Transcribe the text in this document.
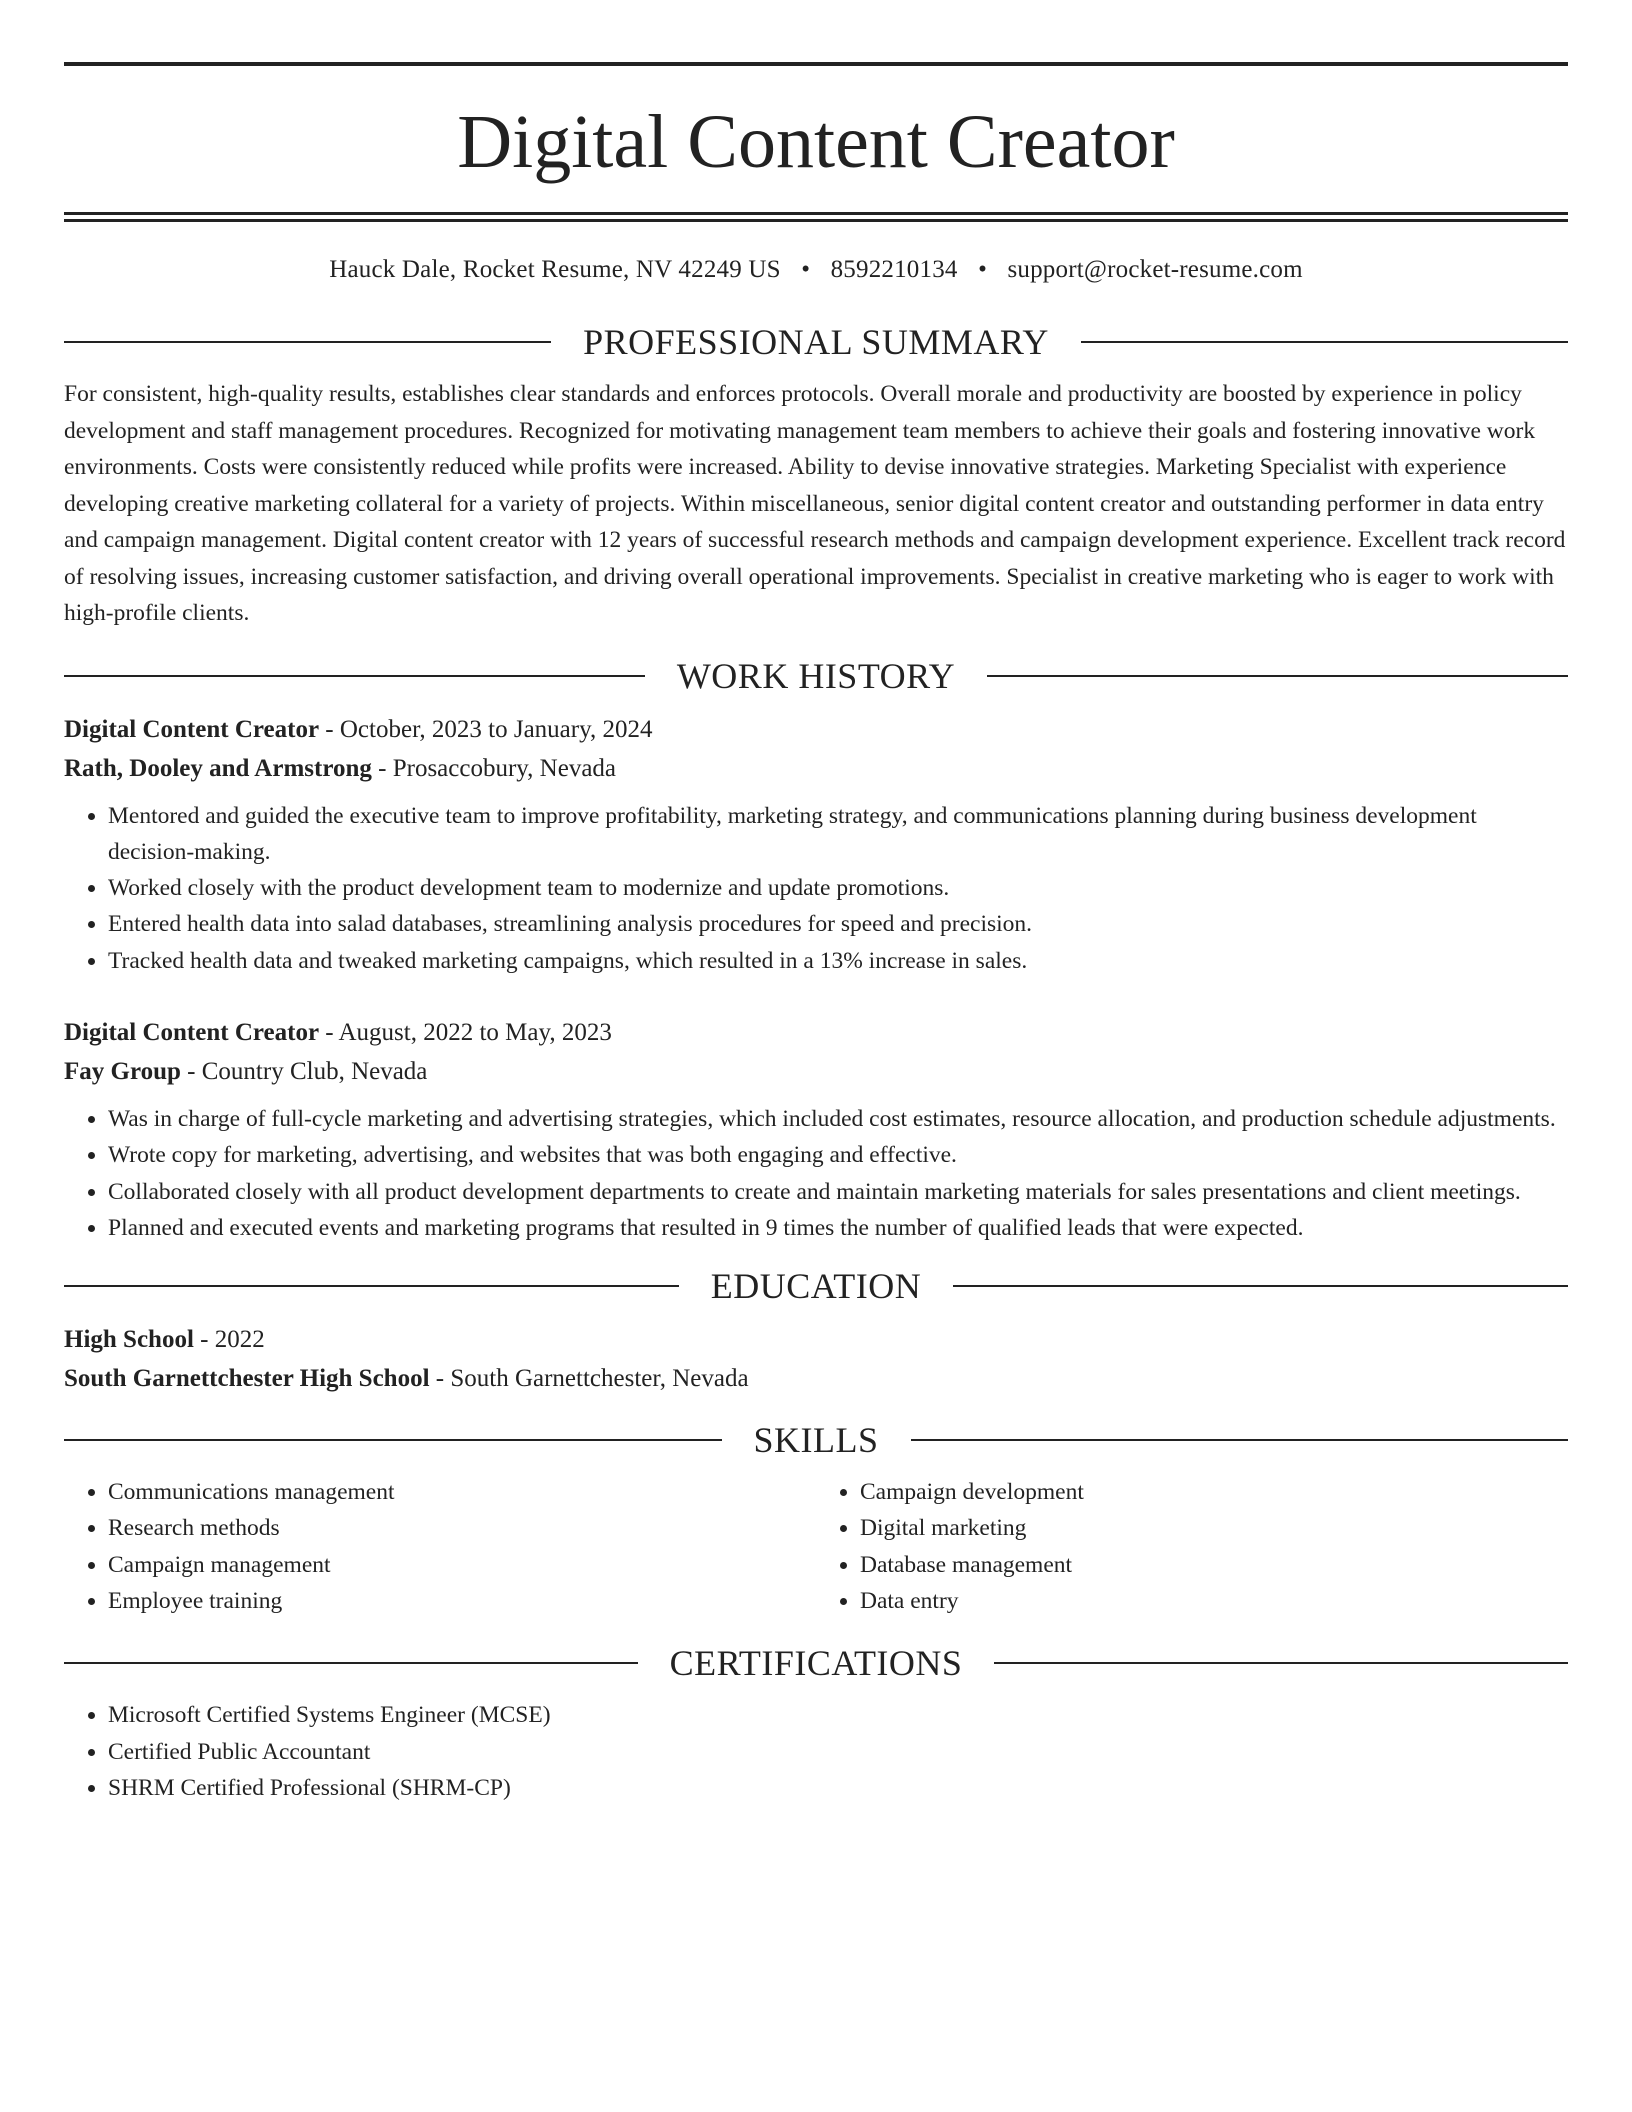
Digital Content Creator
Hauck Dale, Rocket Resume, NV 42249 US • 8592210134 • support@rocket-resume.com
PROFESSIONAL SUMMARY

For consistent, high-quality results, establishes clear standards and enforces protocols. Overall morale and productivity are boosted by experience in policy development and staff management procedures. Recognized for motivating management team members to achieve their goals and fostering innovative work environments. Costs were consistently reduced while profits were increased. Ability to devise innovative strategies. Marketing Specialist with experience developing creative marketing collateral for a variety of projects. Within miscellaneous, senior digital content creator and outstanding performer in data entry and campaign management. Digital content creator with 12 years of successful research methods and campaign development experience. Excellent track record of resolving issues, increasing customer satisfaction, and driving overall operational improvements. Specialist in creative marketing who is eager to work with high-profile clients.

WORK HISTORY
Digital Content Creator - October, 2023 to January, 2024
Rath, Dooley and Armstrong - Prosaccobury, Nevada
• Mentored and guided the executive team to improve profitability, marketing strategy, and communications planning during business development decision-making.
• Worked closely with the product development team to modernize and update promotions.
• Entered health data into salad databases, streamlining analysis procedures for speed and precision.
• Tracked health data and tweaked marketing campaigns, which resulted in a 13% increase in sales.
Digital Content Creator - August, 2022 to May, 2023
Fay Group - Country Club, Nevada
• Was in charge of full-cycle marketing and advertising strategies, which included cost estimates, resource allocation, and production schedule adjustments.
• Wrote copy for marketing, advertising, and websites that was both engaging and effective.
• Collaborated closely with all product development departments to create and maintain marketing materials for sales presentations and client meetings.
• Planned and executed events and marketing programs that resulted in 9 times the number of qualified leads that were expected.
EDUCATION
High School - 2022
South Garnettchester High School - South Garnettchester, Nevada
SKILLS
• Communications management
• Research methods
• Campaign management
• Employee training
• Campaign development
• Digital marketing
• Database management
• Data entry
CERTIFICATIONS
• Microsoft Certified Systems Engineer (MCSE)
• Certified Public Accountant
• SHRM Certified Professional (SHRM-CP)
